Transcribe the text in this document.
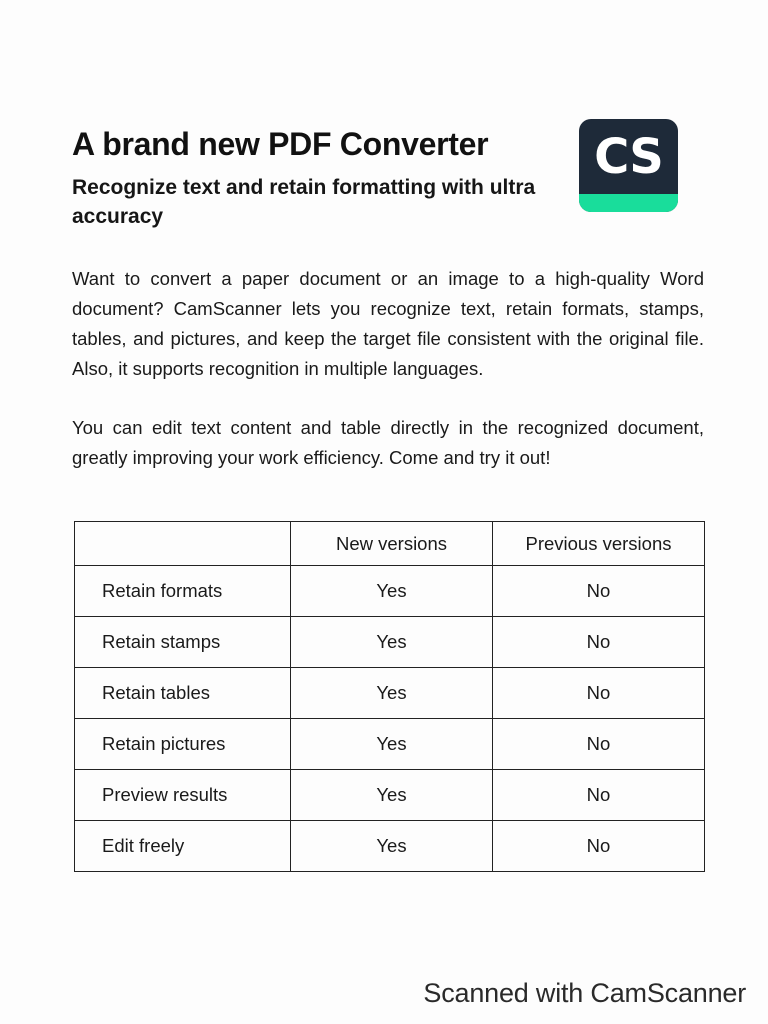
A brand new PDF Converter
Recognize text and retain formatting with ultra accuracy
CS

Want to convert a paper document or an image to a high-quality Word document? CamScanner lets you recognize text, retain formats, stamps, tables, and pictures, and keep the target file consistent with the original file. Also, it supports recognition in multiple languages.

You can edit text content and table directly in the recognized document, greatly improving your work efficiency. Come and try it out!

	New versions	Previous versions
Retain formats	Yes	No
Retain stamps	Yes	No
Retain tables	Yes	No
Retain pictures	Yes	No
Preview results	Yes	No
Edit freely	Yes	No
Scanned with CamScanner
